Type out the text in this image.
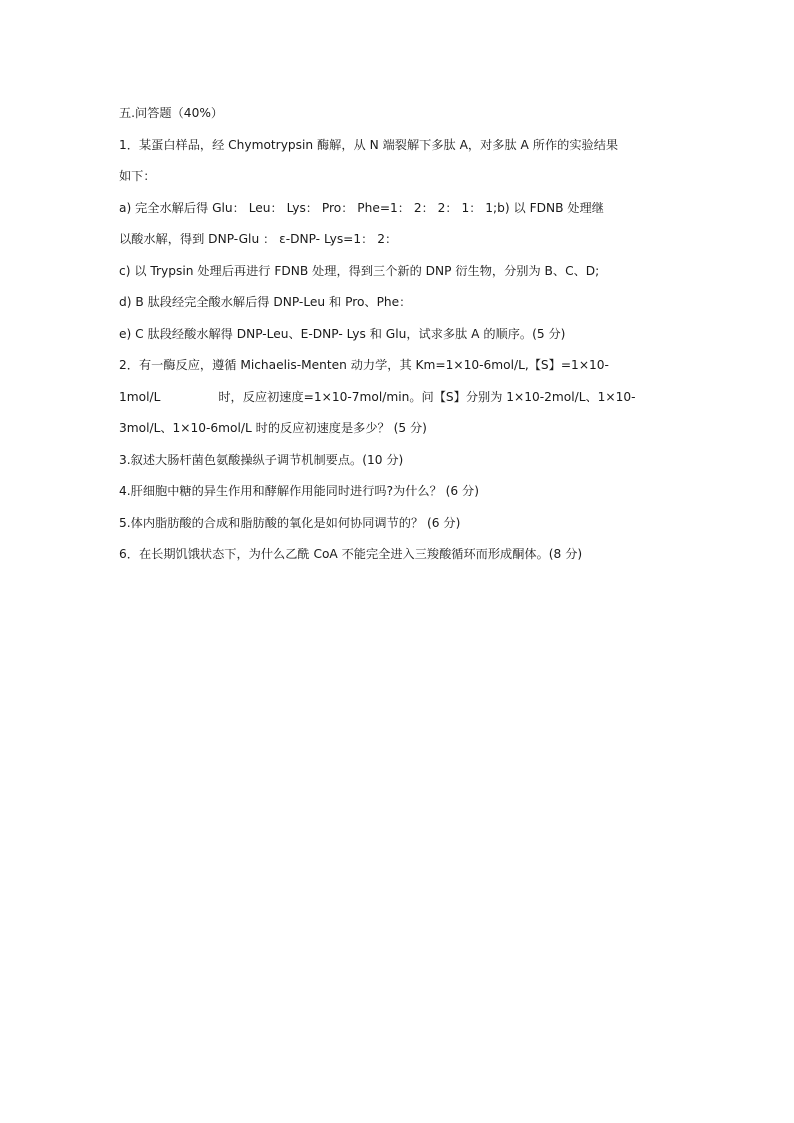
五.问答题（40%）
1．某蛋白样品，经 Chymotrypsin 酶解，从 N 端裂解下多肽 A，对多肽 A 所作的实验结果
如下：
a) 完全水解后得 Glu： Leu： Lys： Pro： Phe=1： 2： 2： 1： 1;b) 以 FDNB 处理继
以酸水解，得到 DNP-Glu ： ε-DNP- Lys=1： 2：
c) 以 Trypsin 处理后再进行 FDNB 处理，得到三个新的 DNP 衍生物，分别为 B、C、D;
d) B 肽段经完全酸水解后得 DNP-Leu 和 Pro、Phe：
e) C 肽段经酸水解得 DNP-Leu、E-DNP- Lys 和 Glu，试求多肽 A 的顺序。(5 分)
2．有一酶反应，遵循 Michaelis-Menten 动力学，其 Km=1×10-6mol/L,【S】=1×10-
1mol/L	时，反应初速度=1×10-7mol/min。问【S】分别为 1×10-2mol/L、1×10-
3mol/L、1×10-6mol/L 时的反应初速度是多少？ (5 分)
3.叙述大肠杆菌色氨酸操纵子调节机制要点。(10 分)
4.肝细胞中糖的异生作用和酵解作用能同时进行吗?为什么？ (6 分)
5.体内脂肪酸的合成和脂肪酸的氧化是如何协同调节的？ (6 分)
6．在长期饥饿状态下，为什么乙酰 CoA 不能完全进入三羧酸循环而形成酮体。(8 分)
